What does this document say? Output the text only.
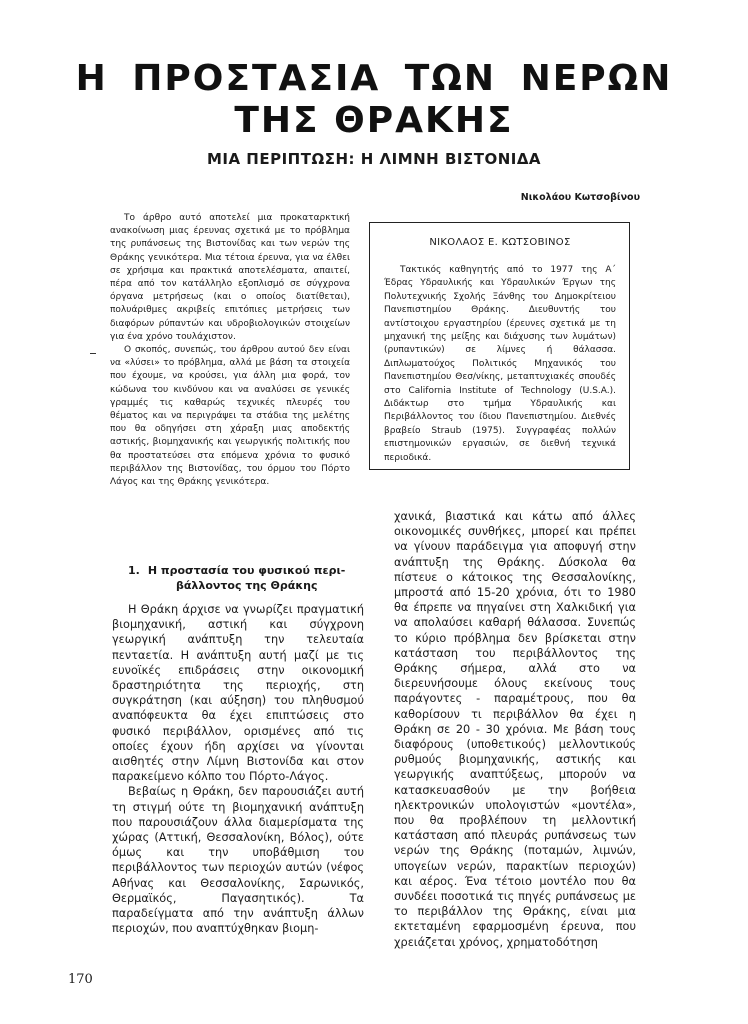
Η ΠΡΟΣΤΑΣΙΑ ΤΩΝ ΝΕΡΩΝ
ΤΗΣ ΘΡΑΚΗΣ
ΜΙΑ ΠΕΡΙΠΤΩΣΗ: Η ΛΙΜΝΗ ΒΙΣΤΟΝΙΔΑ

Νικολάου Κωτσοβίνου

Το άρθρο αυτό αποτελεί μια προκαταρκτική ανακοίνωση μιας έρευνας σχετικά με το πρόβλημα της ρυπάνσεως της Βιστονίδας και των νερών της Θράκης γενικότερα. Μια τέτοια έρευνα, για να έλθει σε χρήσιμα και πρακτικά αποτελέσματα, απαιτεί, πέρα από τον κατάλληλο εξοπλισμό σε σύγχρονα όργανα μετρήσεως (και ο οποίος διατίθεται), πολυάριθμες ακριβείς επιτόπιες μετρήσεις των διαφόρων ρύπαντών και υδροβιολογικών στοιχείων για ένα χρόνο τουλάχιστον.

Ο σκοπός, συνεπώς, του άρθρου αυτού δεν είναι να «λύσει» το πρόβλημα, αλλά με βάση τα στοιχεία που έχουμε, να κρούσει, για άλλη μια φορά, τον κώδωνα του κινδύνου και να αναλύσει σε γενικές γραμμές τις καθαρώς τεχνικές πλευρές του θέματος και να περιγράψει τα στάδια της μελέτης που θα οδηγήσει στη χάραξη μιας αποδεκτής αστικής, βιομηχανικής και γεωργικής πολιτικής που θα προστατεύσει στα επόμενα χρόνια το φυσικό περιβάλλον της Βιστονίδας, του όρμου του Πόρτο Λάγος και της Θράκης γενικότερα.

ΝΙΚΟΛΑΟΣ Ε. ΚΩΤΣΟΒΙΝΟΣ

Τακτικός καθηγητής από το 1977 της Α΄ Έδρας Υδραυλικής και Υδραυλικών Έργων της Πολυτεχνικής Σχολής Ξάνθης του Δημοκρίτειου Πανεπιστημίου Θράκης. Διευθυντής του αντίστοιχου εργαστηρίου (έρευνες σχετικά με τη μηχανική της μείξης και διάχυσης των λυμάτων) (ρυπαντικών) σε λίμνες ή θάλασσα. Διπλωματούχος Πολιτικός Μηχανικός του Πανεπιστημίου Θεσ/νίκης, μεταπτυχιακές σπουδές στο California Institute of Technology (U.S.A.). Διδάκτωρ στο τμήμα Υδραυλικής και Περιβάλλοντος του ίδιου Πανεπιστημίου. Διεθνές βραβείο Straub (1975). Συγγραφέας πολλών επιστημονικών εργασιών, σε διεθνή τεχνικά περιοδικά.

1. Η προστασία του φυσικού περι-
βάλλοντος της Θράκης

Η Θράκη άρχισε να γνωρίζει πραγματική βιομηχανική, αστική και σύγχρονη γεωργική ανάπτυξη την τελευταία πενταετία. Η ανάπτυξη αυτή μαζί με τις ευνοϊκές επιδράσεις στην οικονομική δραστηριότητα της περιοχής, στη συγκράτηση (και αύξηση) του πληθυσμού αναπόφευκτα θα έχει επιπτώσεις στο φυσικό περιβάλλον, ορισμένες από τις οποίες έχουν ήδη αρχίσει να γίνονται αισθητές στην Λίμνη Βιστονίδα και στον παρακείμενο κόλπο του Πόρτο-Λάγος.

Βεβαίως η Θράκη, δεν παρουσιάζει αυτή τη στιγμή ούτε τη βιομηχανική ανάπτυξη που παρουσιάζουν άλλα διαμερίσματα της χώρας (Αττική, Θεσσαλονίκη, Βόλος), ούτε όμως και την υποβάθμιση του περιβάλλοντος των περιοχών αυτών (νέφος Αθήνας και Θεσσαλονίκης, Σαρωνικός, Θερμαϊκός, Παγασητικός). Τα παραδείγματα από την ανάπτυξη άλλων περιοχών, που αναπτύχθηκαν βιομη-

χανικά, βιαστικά και κάτω από άλλες οικονομικές συνθήκες, μπορεί και πρέπει να γίνουν παράδειγμα για αποφυγή στην ανάπτυξη της Θράκης. Δύσκολα θα πίστευε ο κάτοικος της Θεσσαλονίκης, μπροστά από 15-20 χρόνια, ότι το 1980 θα έπρεπε να πηγαίνει στη Χαλκιδική για να απολαύσει καθαρή θάλασσα. Συνεπώς το κύριο πρόβλημα δεν βρίσκεται στην κατάσταση του περιβάλλοντος της Θράκης σήμερα, αλλά στο να διερευνήσουμε όλους εκείνους τους παράγοντες - παραμέτρους, που θα καθορίσουν τι περιβάλλον θα έχει η Θράκη σε 20 - 30 χρόνια. Με βάση τους διαφόρους (υποθετικούς) μελλοντικούς ρυθμούς βιομηχανικής, αστικής και γεωργικής αναπτύξεως, μπορούν να κατασκευασθούν με την βοήθεια ηλεκτρονικών υπολογιστών «μοντέλα», που θα προβλέπουν τη μελλοντική κατάσταση από πλευράς ρυπάνσεως των νερών της Θράκης (ποταμών, λιμνών, υπογείων νερών, παρακτίων περιοχών) και αέρος. Ένα τέτοιο μοντέλο που θα συνδέει ποσοτικά τις πηγές ρυπάνσεως με το περιβάλλον της Θράκης, είναι μια εκτεταμένη εφαρμοσμένη έρευνα, που χρειάζεται χρόνος, χρηματοδότηση

170
